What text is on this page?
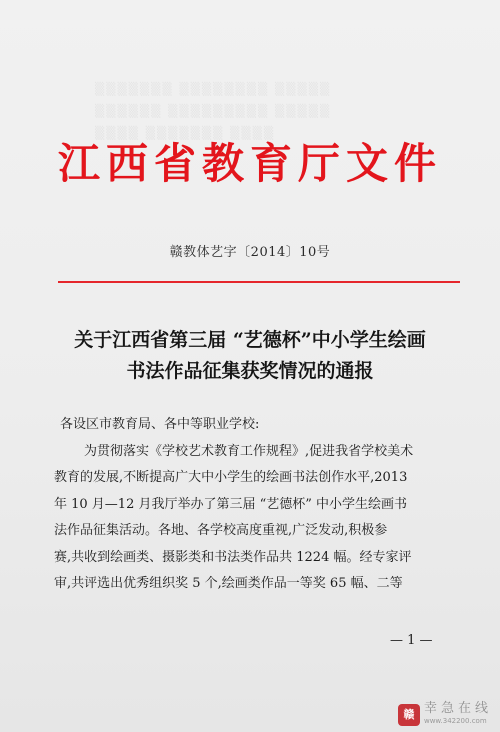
▒▒▒▒▒▒▒ ▒▒▒▒▒▒▒▒ ▒▒▒▒▒
▒▒▒▒▒▒ ▒▒▒▒▒▒▒▒▒ ▒▒▒▒▒
▒▒▒▒ ▒▒▒▒▒▒▒ ▒▒▒▒
江西省教育厅文件
赣教体艺字〔2014〕10号
关于江西省第三届 “艺德杯”中小学生绘画
书法作品征集获奖情况的通报

各设区市教育局、各中等职业学校:

为贯彻落实《学校艺术教育工作规程》,促进我省学校美术

教育的发展,不断提高广大中小学生的绘画书法创作水平,2013

年 10 月—12 月我厅举办了第三届 “艺德杯” 中小学生绘画书

法作品征集活动。各地、各学校高度重视,广泛发动,积极参

赛,共收到绘画类、摄影类和书法类作品共 1224 幅。经专家评

审,共评选出优秀组织奖 5 个,绘画类作品一等奖 65 幅、二等

— 1 —
赣 幸急在线
www.342200.com
